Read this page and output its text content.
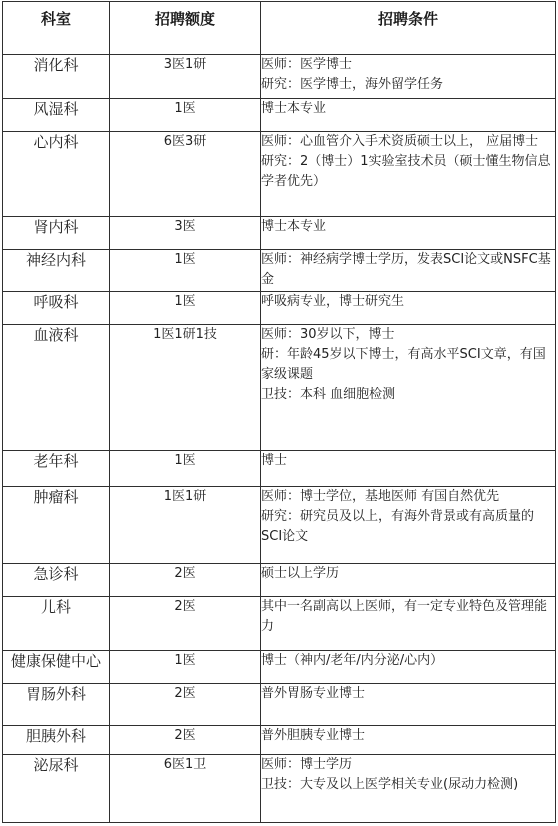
科室	招聘额度	招聘条件
消化科	3医1研	医师：医学博士
研究：医学博士，海外留学任务

风湿科	1医	博士本专业

心内科	6医3研	医师：心血管介入手术资质硕士以上， 应届博士
研究：2（博士）1实验室技术员（硕士懂生物信息学者优先）

肾内科	3医	博士本专业

神经内科	1医	医师：神经病学博士学历，发表SCI论文或NSFC基金

呼吸科	1医	呼吸病专业，博士研究生

血液科	1医1研1技	医师：30岁以下，博士
研：年龄45岁以下博士，有高水平SCI文章，有国家级课题
卫技：本科 血细胞检测

老年科	1医	博士

肿瘤科	1医1研	医师：博士学位，基地医师 有国自然优先
研究：研究员及以上，有海外背景或有高质量的SCI论文

急诊科	2医	硕士以上学历

儿科	2医	其中一名副高以上医师，有一定专业特色及管理能力

健康保健中心	1医	博士（神内/老年/内分泌/心内）

胃肠外科	2医	普外胃肠专业博士

胆胰外科	2医	普外胆胰专业博士

泌尿科	6医1卫	医师：博士学历
卫技：大专及以上医学相关专业(尿动力检测)
